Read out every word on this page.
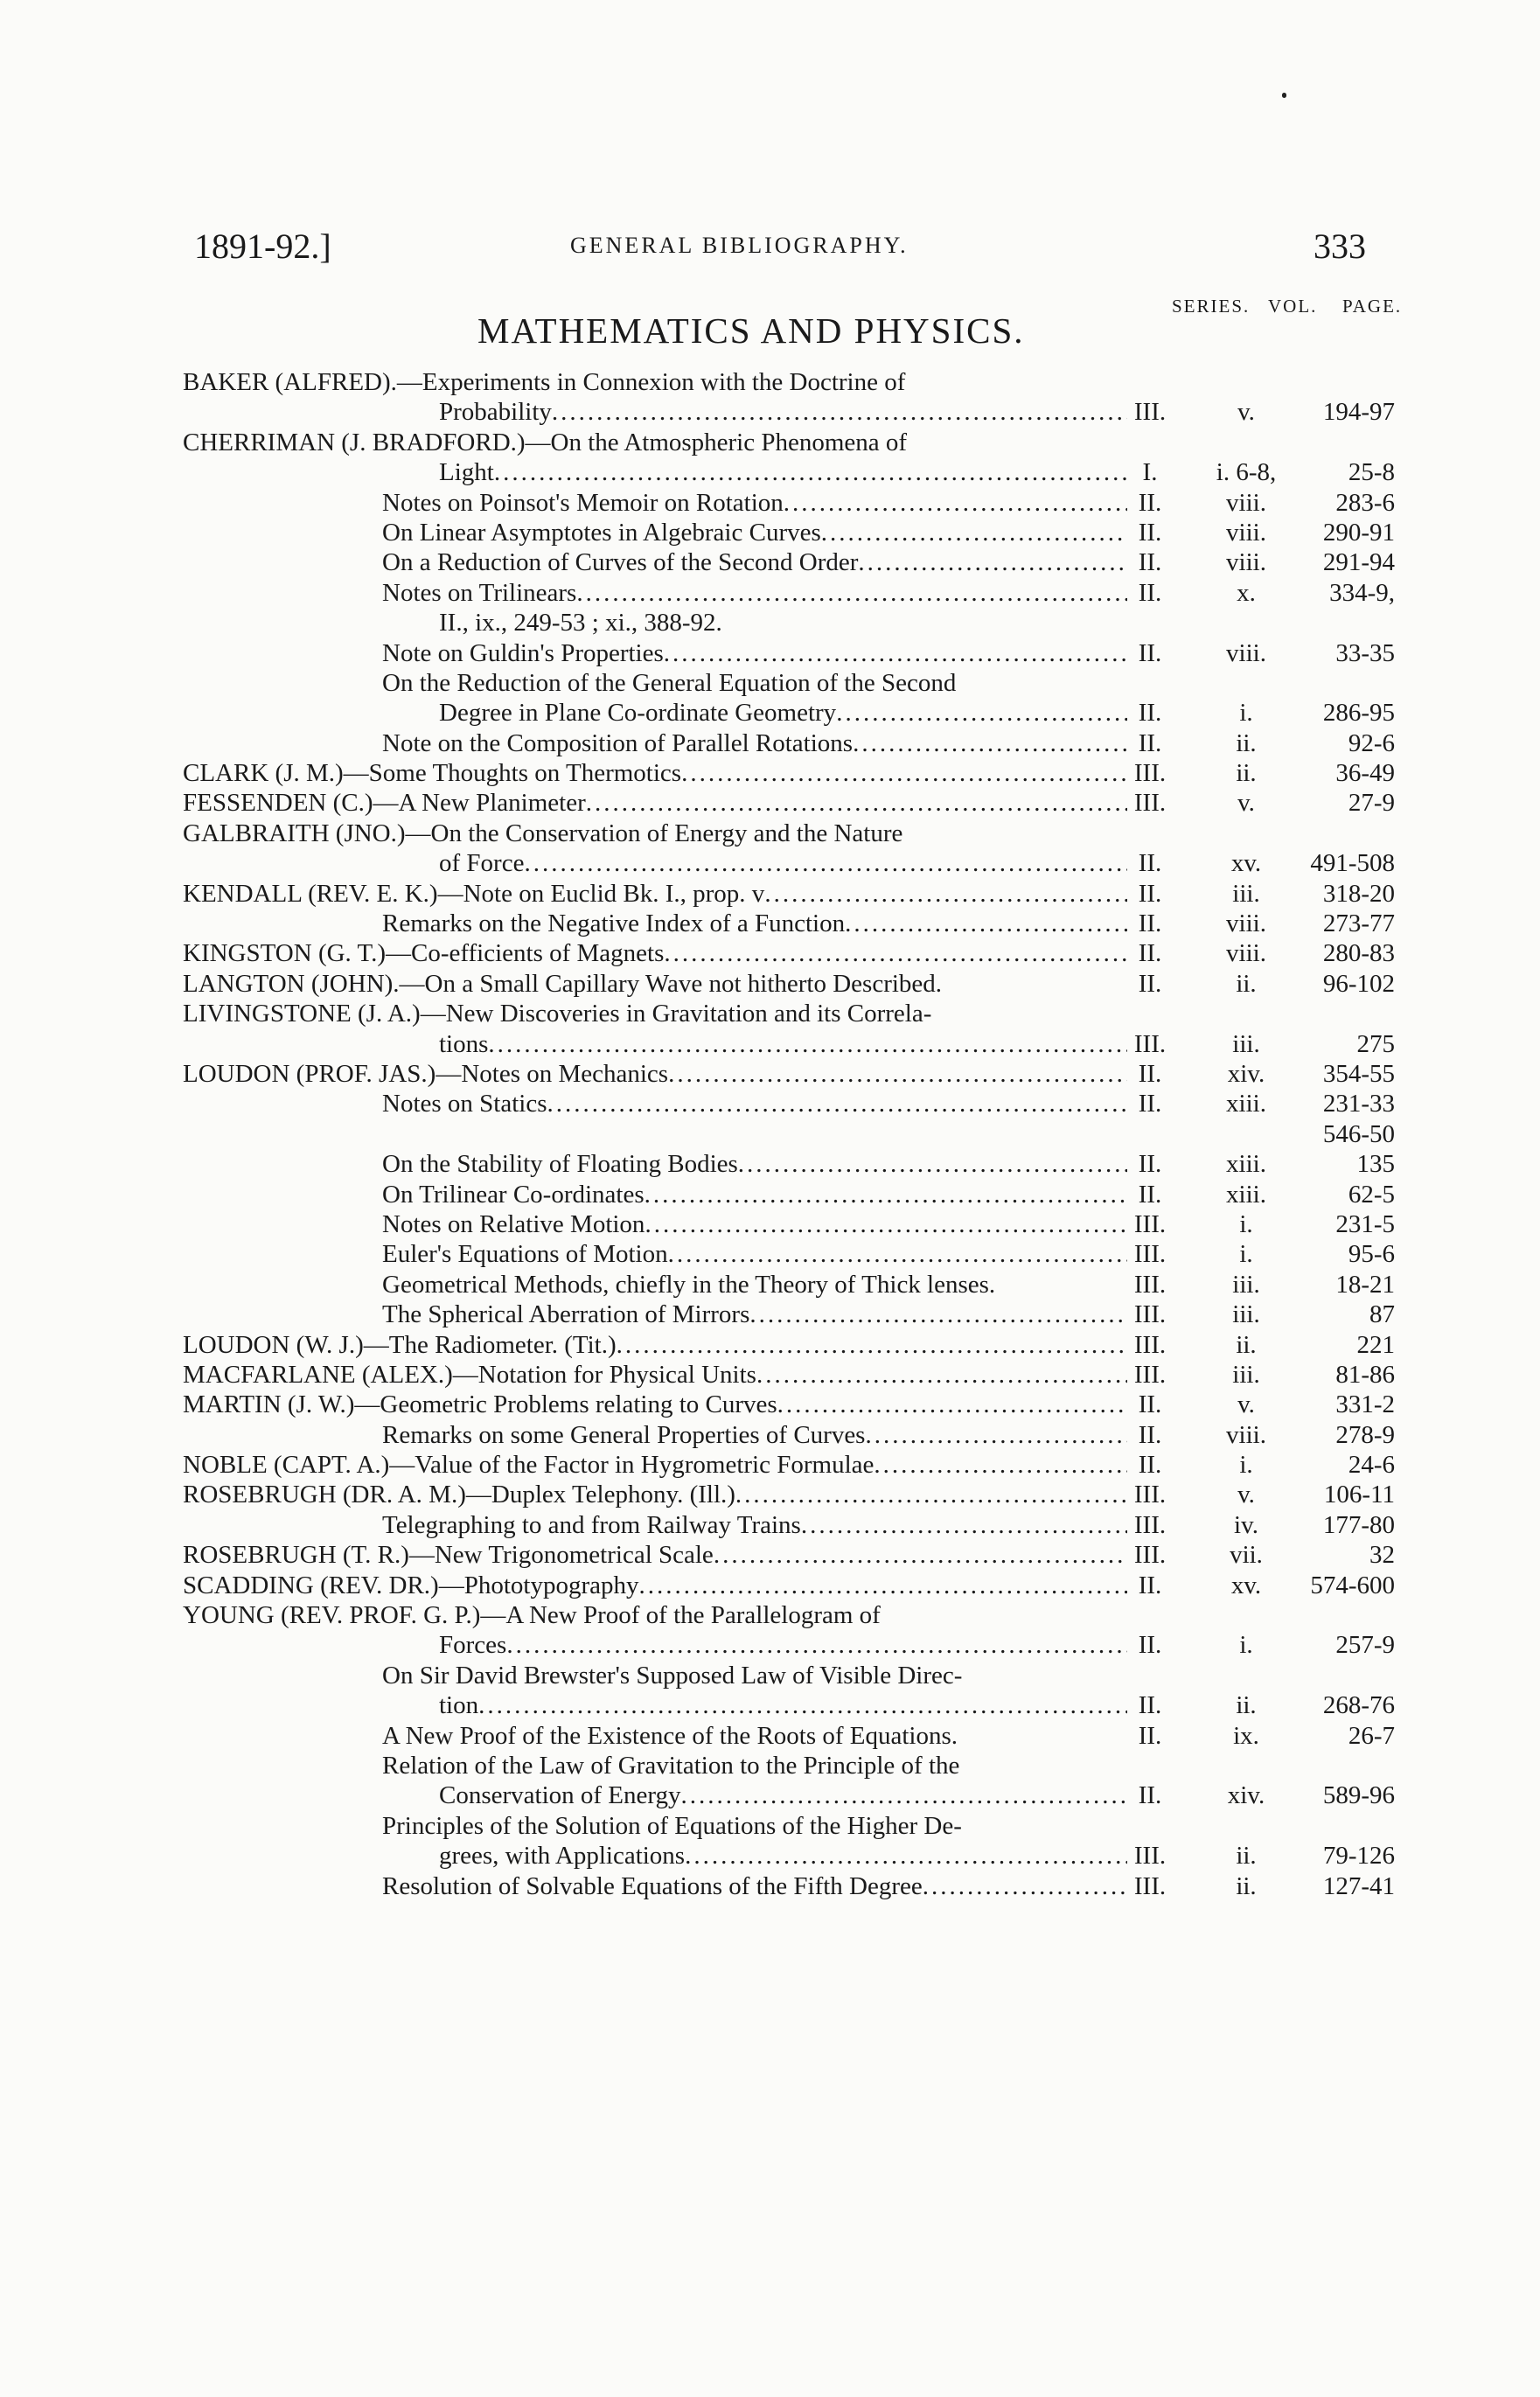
1891-92.]	GENERAL BIBLIOGRAPHY.	333
SERIES. VOL. PAGE.
MATHEMATICS AND PHYSICS.
BAKER (ALFRED).—Experiments in Connexion with the Doctrine of
Probability .....	III.	v.	194-97
CHERRIMAN (J. BRADFORD.)—On the Atmospheric Phenomena of
Light .....	I.	i. 6-8,	25-8
Notes on Poinsot's Memoir on Rotation .....	II.	viii.	283-6
On Linear Asymptotes in Algebraic Curves .....	II.	viii.	290-91
On a Reduction of Curves of the Second Order .....	II.	viii.	291-94
Notes on Trilinears .....	II.	x.	334-9,
II., ix., 249-53 ; xi., 388-92.
Note on Guldin's Properties .....	II.	viii.	33-35
On the Reduction of the General Equation of the Second
Degree in Plane Co-ordinate Geometry .....	II.	i.	286-95
Note on the Composition of Parallel Rotations .....	II.	ii.	92-6
CLARK (J. M.)—Some Thoughts on Thermotics .....	III.	ii.	36-49
FESSENDEN (C.)—A New Planimeter .....	III.	v.	27-9
GALBRAITH (JNO.)—On the Conservation of Energy and the Nature
of Force .....	II.	xv.	491-508
KENDALL (REV. E. K.)—Note on Euclid Bk. I., prop. v .....	II.	iii.	318-20
Remarks on the Negative Index of a Function .....	II.	viii.	273-77
KINGSTON (G. T.)—Co-efficients of Magnets .....	II.	viii.	280-83
LANGTON (JOHN).—On a Small Capillary Wave not hitherto Described.	II.	ii.	96-102
LIVINGSTONE (J. A.)—New Discoveries in Gravitation and its Correla-
tions .....	III.	iii.	275
LOUDON (PROF. JAS.)—Notes on Mechanics .....	II.	xiv.	354-55
Notes on Statics .....	II.	xiii.	231-33
546-50
On the Stability of Floating Bodies .....	II.	xiii.	135
On Trilinear Co-ordinates .....	II.	xiii.	62-5
Notes on Relative Motion .....	III.	i.	231-5
Euler's Equations of Motion .....	III.	i.	95-6
Geometrical Methods, chiefly in the Theory of Thick lenses.	III.	iii.	18-21
The Spherical Aberration of Mirrors .....	III.	iii.	87
LOUDON (W. J.)—The Radiometer. (Tit.) .....	III.	ii.	221
MACFARLANE (ALEX.)—Notation for Physical Units .....	III.	iii.	81-86
MARTIN (J. W.)—Geometric Problems relating to Curves .....	II.	v.	331-2
Remarks on some General Properties of Curves .....	II.	viii.	278-9
NOBLE (CAPT. A.)—Value of the Factor in Hygrometric Formulae .....	II.	i.	24-6
ROSEBRUGH (DR. A. M.)—Duplex Telephony. (Ill.) .....	III.	v.	106-11
Telegraphing to and from Railway Trains .....	III.	iv.	177-80
ROSEBRUGH (T. R.)—New Trigonometrical Scale .....	III.	vii.	32
SCADDING (REV. DR.)—Phototypography .....	II.	xv.	574-600
YOUNG (REV. PROF. G. P.)—A New Proof of the Parallelogram of
Forces .....	II.	i.	257-9
On Sir David Brewster's Supposed Law of Visible Direc-
tion .....	II.	ii.	268-76
A New Proof of the Existence of the Roots of Equations.	II.	ix.	26-7
Relation of the Law of Gravitation to the Principle of the
Conservation of Energy .....	II.	xiv.	589-96
Principles of the Solution of Equations of the Higher De-
grees, with Applications .....	III.	ii.	79-126
Resolution of Solvable Equations of the Fifth Degree .....	III.	ii.	127-41
